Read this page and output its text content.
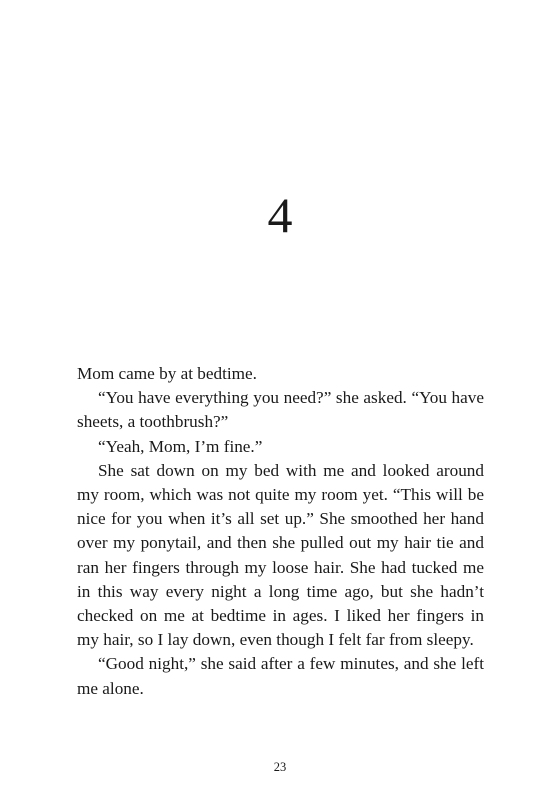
4

Mom came by at bedtime.

“You have everything you need?” she asked. “You have sheets, a toothbrush?”

“Yeah, Mom, I’m fine.”

She sat down on my bed with me and looked around my room, which was not quite my room yet. “This will be nice for you when it’s all set up.” She smoothed her hand over my ponytail, and then she pulled out my hair tie and ran her fingers through my loose hair. She had tucked me in this way every night a long time ago, but she hadn’t checked on me at bedtime in ages. I liked her fingers in my hair, so I lay down, even though I felt far from sleepy.

“Good night,” she said after a few minutes, and she left me alone.

23
